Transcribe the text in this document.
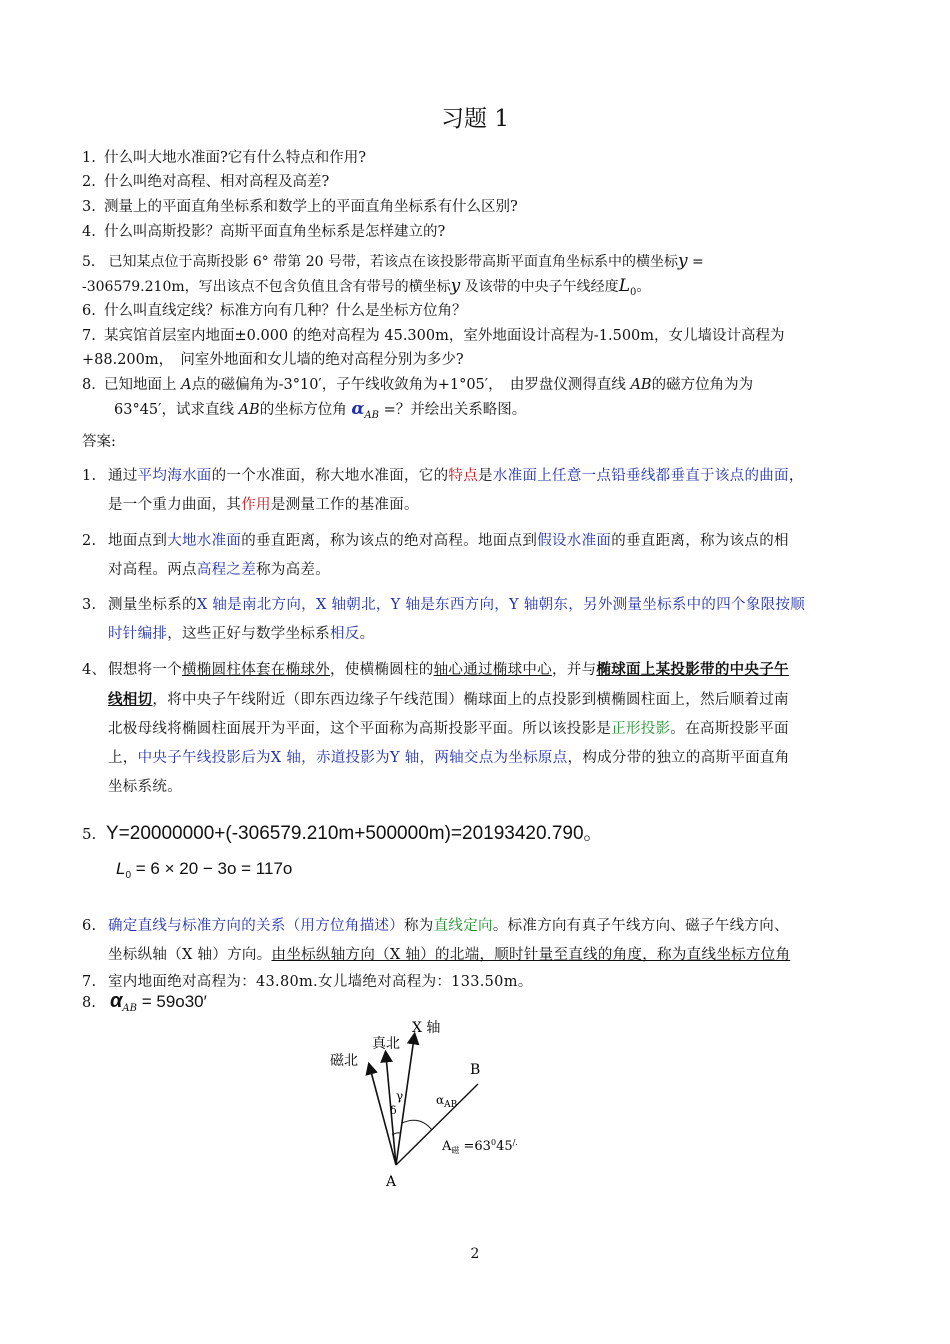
习题 1
1. 什么叫大地水准面?它有什么特点和作用?
2. 什么叫绝对高程、相对高程及高差?
3. 测量上的平面直角坐标系和数学上的平面直角坐标系有什么区别?
4. 什么叫高斯投影？高斯平面直角坐标系是怎样建立的?
5． 已知某点位于高斯投影 6° 带第 20 号带，若该点在该投影带高斯平面直角坐标系中的横坐标y =
-306579.210m，写出该点不包含负值且含有带号的横坐标y 及该带的中央子午线经度$L_0$。
6. 什么叫直线定线？标准方向有几种？什么是坐标方位角？
7. 某宾馆首层室内地面±0.000 的绝对高程为 45.300m，室外地面设计高程为-1.500m，女儿墙设计高程为
+88.200m，　问室外地面和女儿墙的绝对高程分别为多少?
8．已知地面上 A点的磁偏角为-3°10′，子午线收敛角为+1°05′，　由罗盘仪测得直线 AB的磁方位角为为
63°45′，试求直线 AB的坐标方位角 $\alpha_{AB}$ =？并绘出关系略图。
答案:
1. 通过平均海水面的一个水准面，称大地水准面，它的特点是水准面上任意一点铅垂线都垂直于该点的曲面，
是一个重力曲面，其作用是测量工作的基准面。
2. 地面点到大地水准面的垂直距离，称为该点的绝对高程。地面点到假设水准面的垂直距离，称为该点的相
对高程。两点高程之差称为高差。
3. 测量坐标系的X 轴是南北方向，X 轴朝北，Y 轴是东西方向，Y 轴朝东，另外测量坐标系中的四个象限按顺
时针编排，这些正好与数学坐标系相反。
4、 假想将一个横椭圆柱体套在椭球外，使横椭圆柱的轴心通过椭球中心，并与椭球面上某投影带的中央子午
线相切，将中央子午线附近（即东西边缘子午线范围）椭球面上的点投影到横椭圆柱面上，然后顺着过南
北极母线将椭圆柱面展开为平面，这个平面称为高斯投影平面。所以该投影是正形投影。在高斯投影平面
上，中央子午线投影后为X 轴，赤道投影为Y 轴，两轴交点为坐标原点，构成分带的独立的高斯平面直角
坐标系统。
5. Y=20000000+(-306579.210m+500000m)=20193420.790。
$L_0 = 6 \times 20 - 3o = 117o$
6. 确定直线与标准方向的关系（用方位角描述）称为直线定向。标准方向有真子午线方向、磁子午线方向、
坐标纵轴（X 轴）方向。由坐标纵轴方向（X 轴）的北端，顺时针量至直线的角度，称为直线坐标方位角
7. 室内地面绝对高程为：43.80m.女儿墙绝对高程为：133.50m。
8. $\alpha_{AB} = 59o30'$
X 轴
真北
磁北
B
A
γ
δ
$\alpha_{AB}$
$A_磁 =63^045^{/.}$
2
